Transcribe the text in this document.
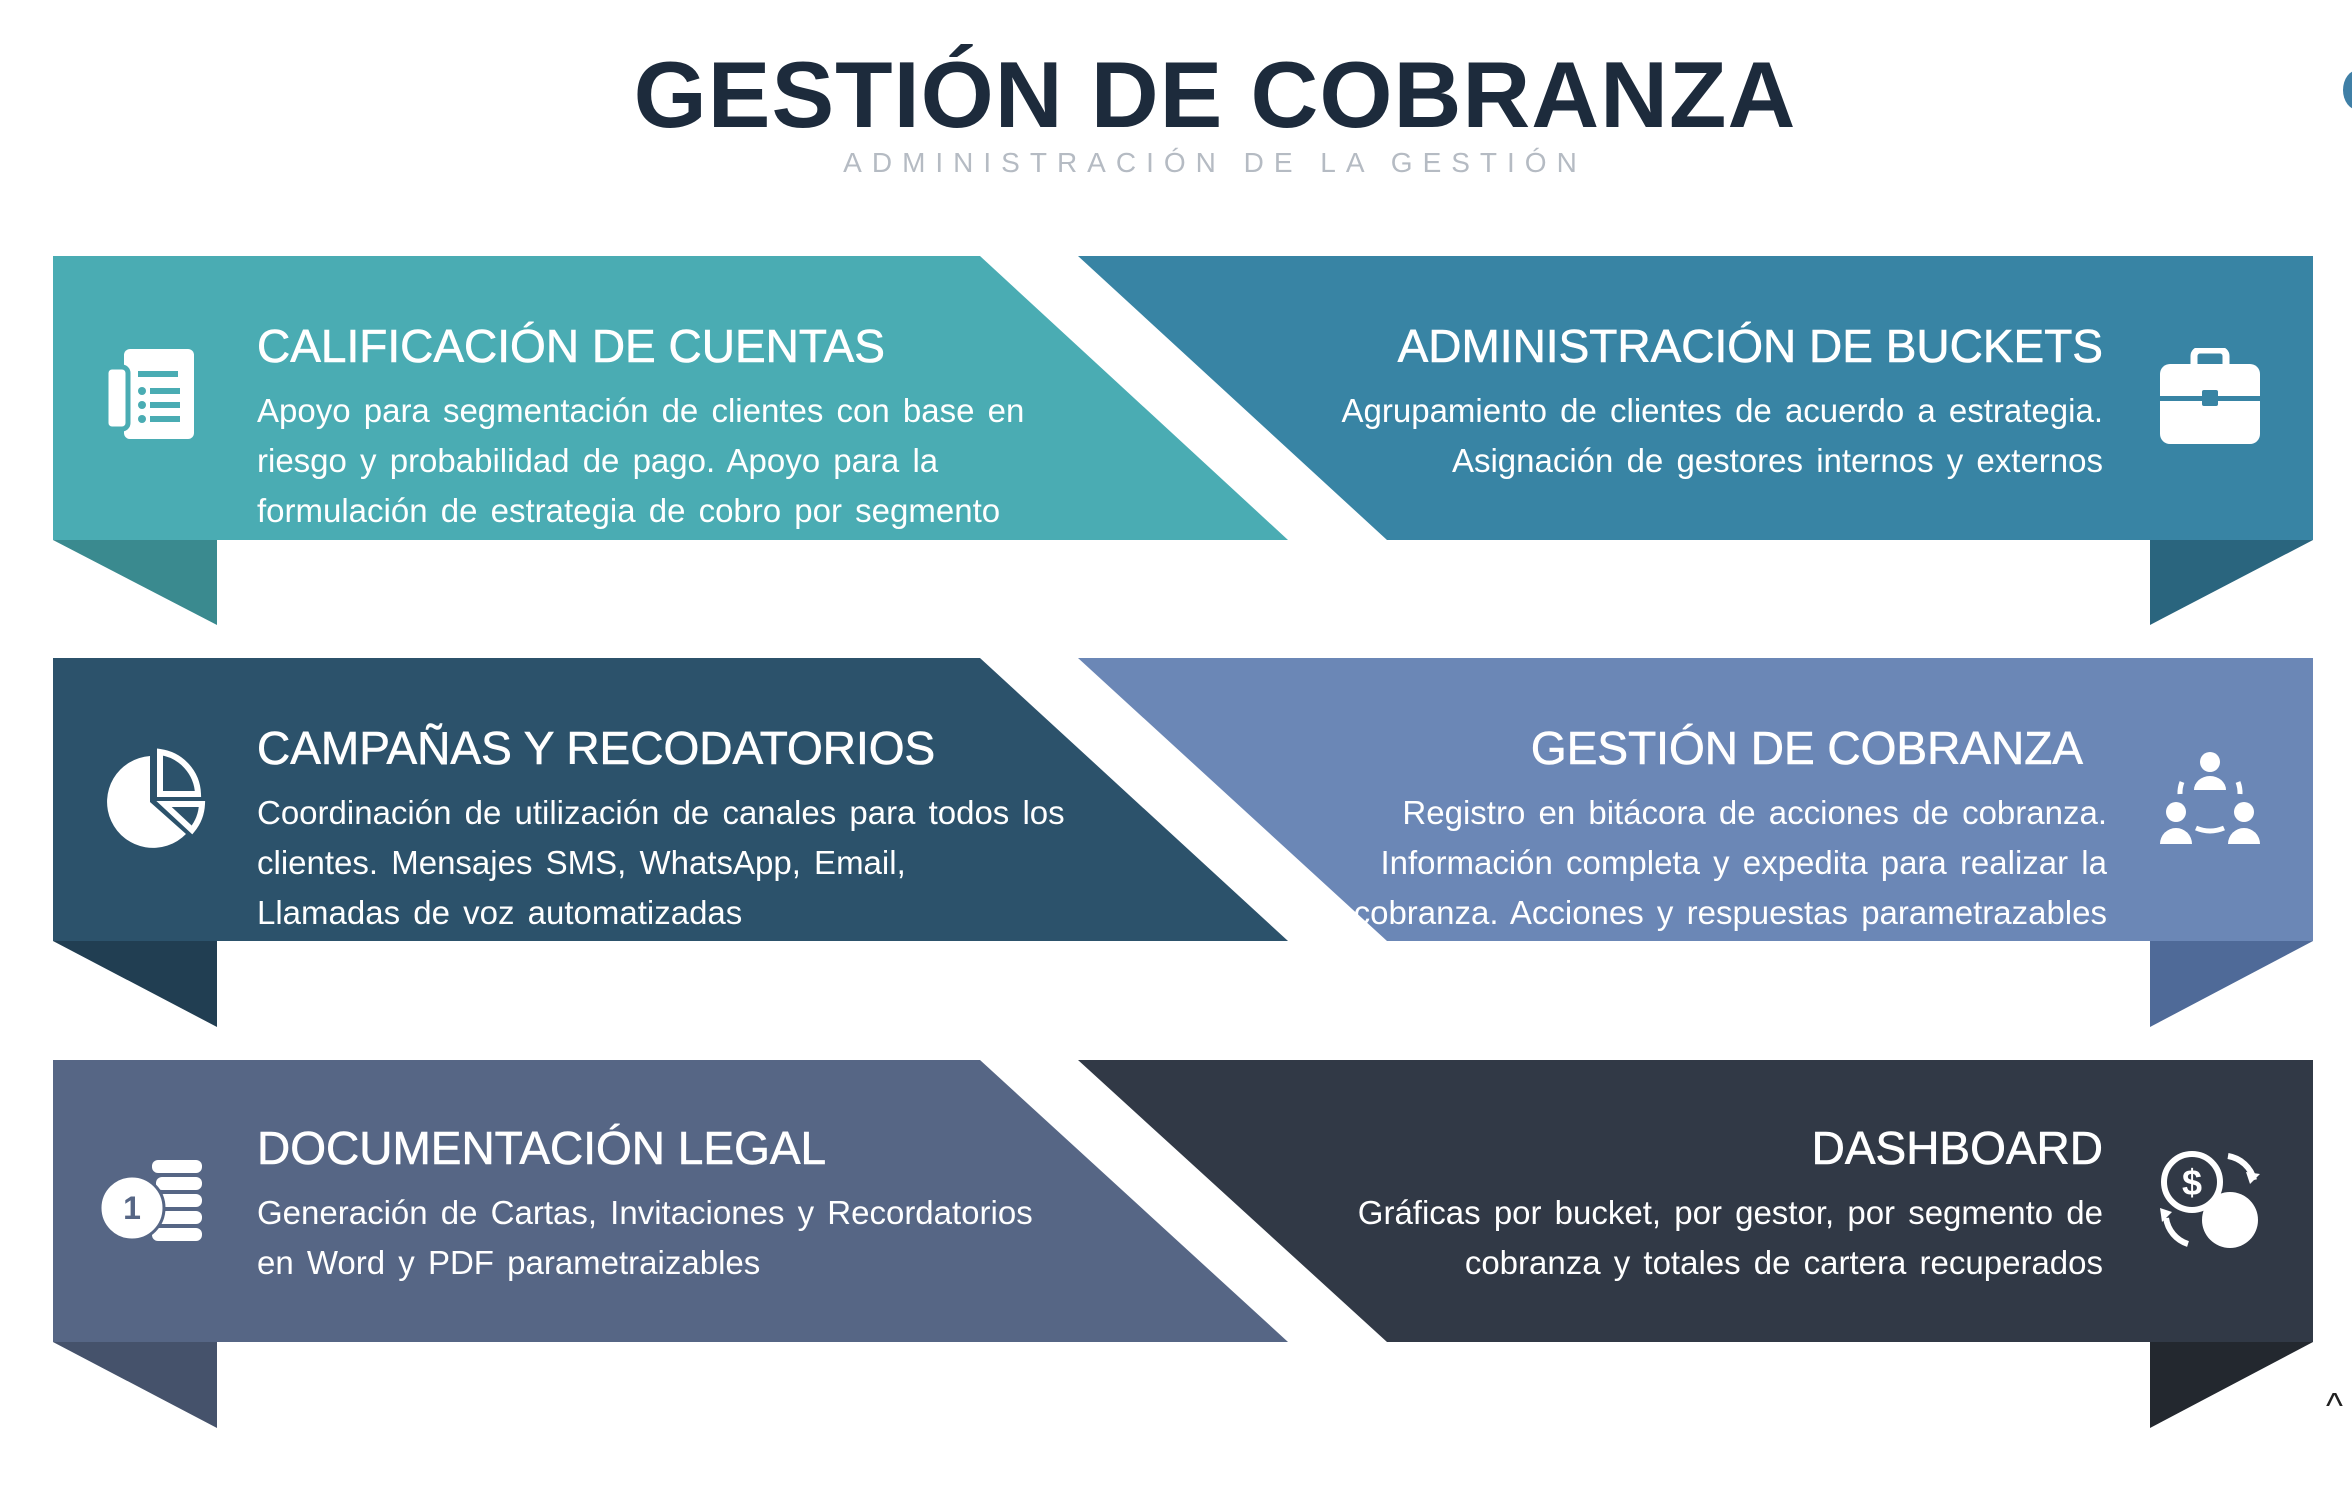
GESTIÓN DE COBRANZA
ADMINISTRACIÓN DE LA GESTIÓN
CALIFICACIÓN DE CUENTAS

Apoyo para segmentación de clientes con base en
riesgo y probabilidad de pago. Apoyo para la
formulación de estrategia de cobro por segmento

ADMINISTRACIÓN DE BUCKETS

Agrupamiento de clientes de acuerdo a estrategia.
Asignación de gestores internos y externos

CAMPAÑAS Y RECODATORIOS

Coordinación de utilización de canales para todos los
clientes. Mensajes SMS, WhatsApp, Email,
Llamadas de voz automatizadas

GESTIÓN DE COBRANZA

Registro en bitácora de acciones de cobranza.
Información completa y expedita para realizar la
cobranza. Acciones y respuestas parametrazables

DOCUMENTACIÓN LEGAL

Generación de Cartas, Invitaciones y Recordatorios
en Word y PDF parametraizables

1
DASHBOARD

Gráficas por bucket, por gestor, por segmento de
cobranza y totales de cartera recuperados

$
^
